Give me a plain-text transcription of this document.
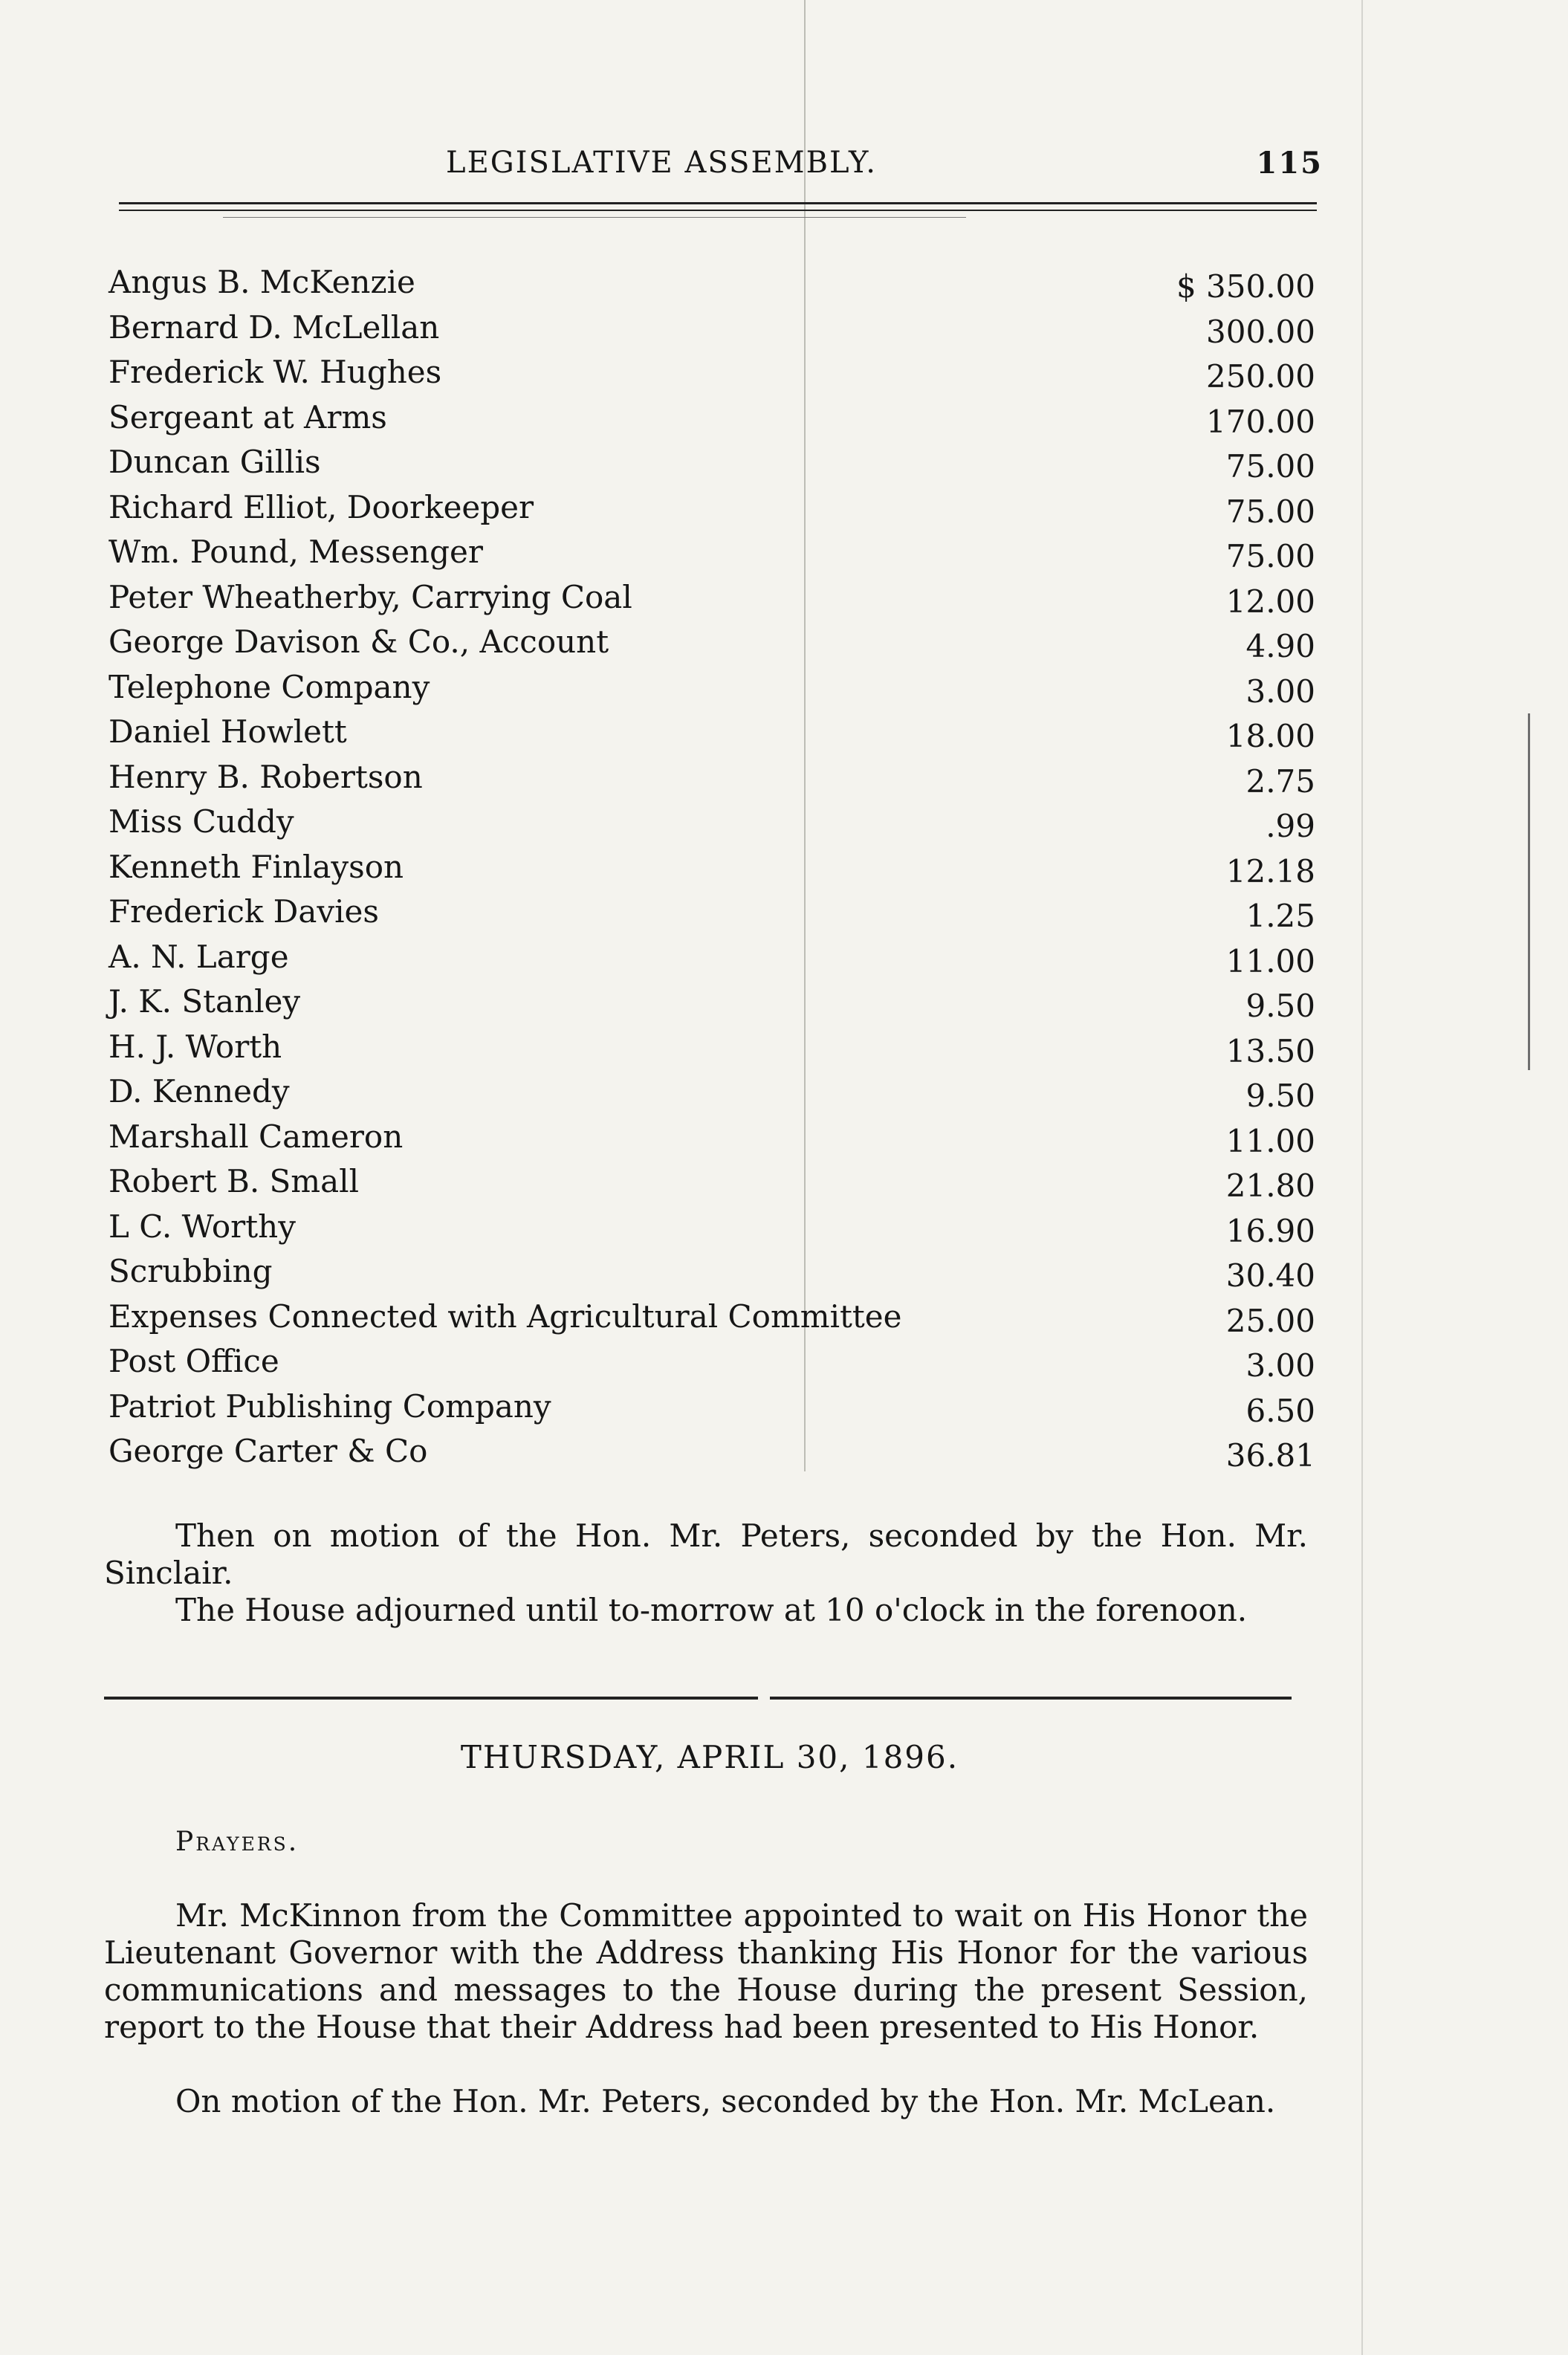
LEGISLATIVE ASSEMBLY.	115
Angus B. McKenzie	$ 350.00
Bernard D. McLellan	300.00
Frederick W. Hughes	250.00
Sergeant at Arms	170.00
Duncan Gillis	75.00
Richard Elliot, Doorkeeper	75.00
Wm. Pound, Messenger	75.00
Peter Wheatherby, Carrying Coal	12.00
George Davison & Co., Account	4.90
Telephone Company	3.00
Daniel Howlett	18.00
Henry B. Robertson	2.75
Miss Cuddy	.99
Kenneth Finlayson	12.18
Frederick Davies	1.25
A. N. Large	11.00
J. K. Stanley	9.50
H. J. Worth	13.50
D. Kennedy	9.50
Marshall Cameron	11.00
Robert B. Small	21.80
L C. Worthy	16.90
Scrubbing	30.40
Expenses Connected with Agricultural Committee	25.00
Post Office	3.00
Patriot Publishing Company	6.50
George Carter & Co	36.81
Then on motion of the Hon. Mr. Peters, seconded by the Hon. Mr. Sinclair.
The House adjourned until to-morrow at 10 o'clock in the forenoon.
THURSDAY, APRIL 30, 1896.
Prayers.
Mr. McKinnon from the Committee appointed to wait on His Honor the Lieutenant Governor with the Address thanking His Honor for the various communications and messages to the House during the present Session, report to the House that their Address had been presented to His Honor.
On motion of the Hon. Mr. Peters, seconded by the Hon. Mr. McLean.
